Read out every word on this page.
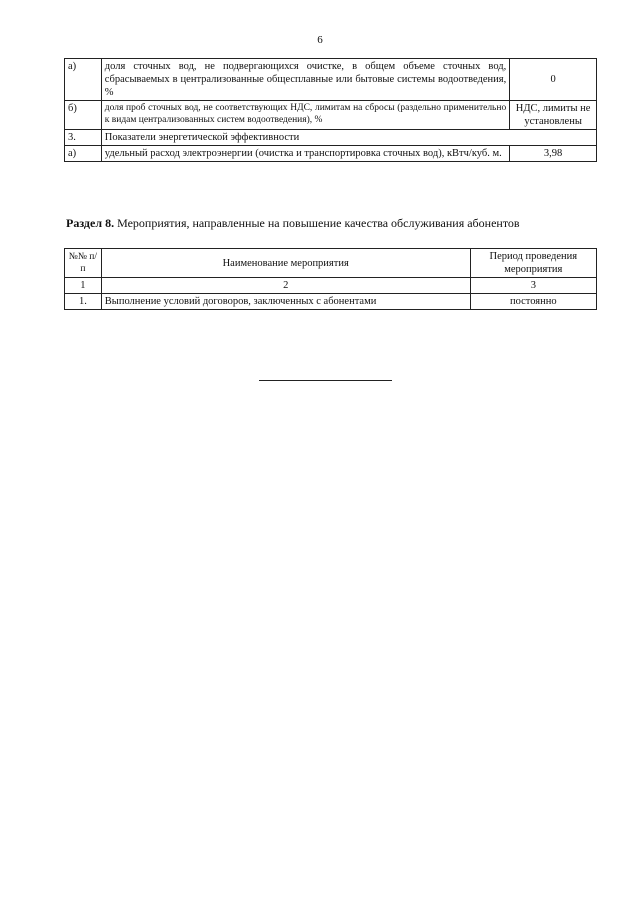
6
а)	доля сточных вод, не подвергающихся очистке, в общем объеме сточных вод, сбрасываемых в централизованные общесплавные или бытовые системы водоотведения, %	0
б)	доля проб сточных вод, не соответствующих НДС, лимитам на сбросы (раздельно применительно к видам централизованных систем водоотведения), %	НДС, лимиты не установлены
3.	Показатели энергетической эффективности	
а)	удельный расход электроэнергии (очистка и транспортировка сточных вод), кВтч/куб. м.	3,98
Раздел 8. Мероприятия, направленные на повышение качества обслуживания абонентов
№№ п/п	Наименование мероприятия	Период проведения мероприятия
1	2	3
1.	Выполнение условий договоров, заключенных с абонентами	постоянно
